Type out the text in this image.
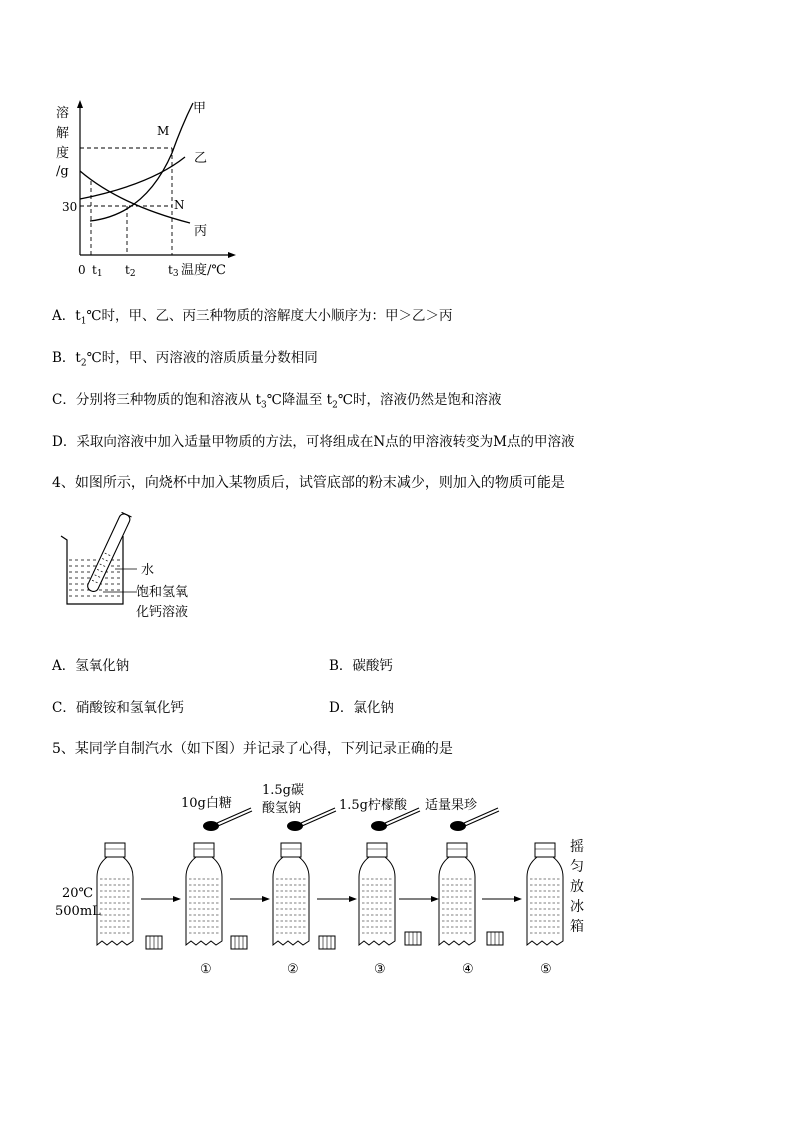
溶
解
度
/g
30
0 t1 t2	t3 温度/℃
甲
乙
丙
M
N
A．$t_1℃$时，甲、乙、丙三种物质的溶解度大小顺序为：甲＞乙＞丙
B．$t_2℃$时，甲、丙溶液的溶质质量分数相同
C．分别将三种物质的饱和溶液从 $t_3℃$降温至 $t_2℃$时，溶液仍然是饱和溶液
D．采取向溶液中加入适量甲物质的方法，可将组成在N点的甲溶液转变为M点的甲溶液
4、如图所示，向烧杯中加入某物质后，试管底部的粉末减少，则加入的物质可能是
水
饱和氢氧
化钙溶液
A．氢氧化钠	B．碳酸钙
C．硝酸铵和氢氧化钙	D．氯化钠
5、某同学自制汽水（如下图）并记录了心得，下列记录正确的是
20℃
500mL
10g白糖
①
1.5g碳
酸氢钠
②
1.5g柠檬酸
③
适量果珍
④	⑤
摇
匀
放
冰
箱
